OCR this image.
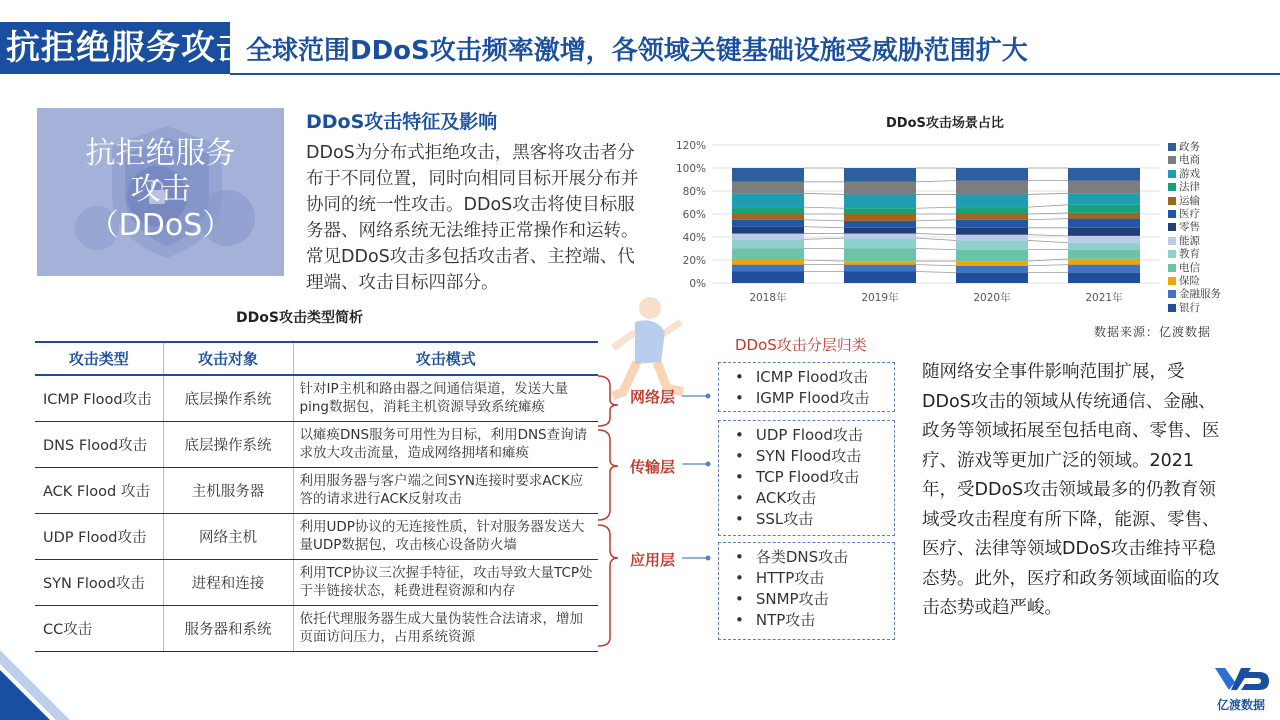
抗拒绝服务攻击
全球范围DDoS攻击频率激增，各领域关键基础设施受威胁范围扩大
抗拒绝服务
攻击
（DDoS）
DDoS攻击特征及影响
DDoS为分布式拒绝攻击，黑客将攻击者分布于不同位置，同时向相同目标开展分布并协同的统一性攻击。DDoS攻击将使目标服务器、网络系统无法维持正常操作和运转。常见DDoS攻击多包括攻击者、主控端、代理端、攻击目标四部分。
DDoS攻击类型简析
攻击类型	攻击对象	攻击模式
ICMP Flood攻击	底层操作系统	针对IP主机和路由器之间通信渠道，发送大量ping数据包，消耗主机资源导致系统瘫痪
DNS Flood攻击	底层操作系统	以瘫痪DNS服务可用性为目标，利用DNS查询请求放大攻击流量，造成网络拥堵和瘫痪
ACK Flood 攻击	主机服务器	利用服务器与客户端之间SYN连接时要求ACK应答的请求进行ACK反射攻击
UDP Flood攻击	网络主机	利用UDP协议的无连接性质，针对服务器发送大量UDP数据包，攻击核心设备防火墙
SYN Flood攻击	进程和连接	利用TCP协议三次握手特征，攻击导致大量TCP处于半链接状态，耗费进程资源和内存
CC攻击	服务器和系统	依托代理服务器生成大量伪装性合法请求，增加页面访问压力，占用系统资源
DDoS攻击分层归类
网络层
传输层
应用层
• ICMP Flood攻击
• IGMP Flood攻击
• UDP Flood攻击
• SYN Flood攻击
• TCP Flood攻击
• ACK攻击
• SSL攻击
• 各类DNS攻击
• HTTP攻击
• SNMP攻击
• NTP攻击
随网络安全事件影响范围扩展，受DDoS攻击的领域从传统通信、金融、政务等领域拓展至包括电商、零售、医疗、游戏等更加广泛的领域。2021年，受DDoS攻击领域最多的仍教育领域受攻击程度有所下降，能源、零售、医疗、法律等领域DDoS攻击维持平稳态势。此外，医疗和政务领域面临的攻击态势或趋严峻。
DDoS攻击场景占比
0%
20%
40%
60%
80%
100%
120%
2018年	2019年	2020年	2021年
政务
电商
游戏
法律
运输
医疗
零售
能源
教育
电信
保险
金融服务
银行
数据来源：亿渡数据
亿渡数据
